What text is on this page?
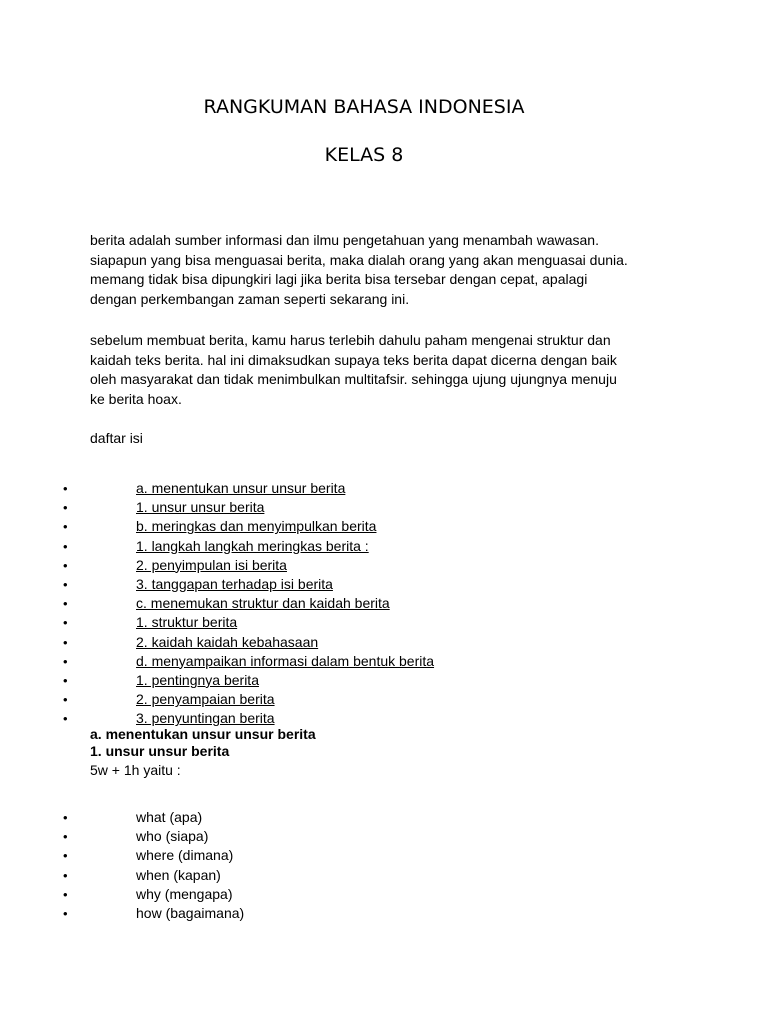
RANGKUMAN BAHASA INDONESIA
KELAS 8

berita adalah sumber informasi dan ilmu pengetahuan yang menambah wawasan.

siapapun yang bisa menguasai berita, maka dialah orang yang akan menguasai dunia.

memang tidak bisa dipungkiri lagi jika berita bisa tersebar dengan cepat, apalagi

dengan perkembangan zaman seperti sekarang ini.

sebelum membuat berita, kamu harus terlebih dahulu paham mengenai struktur dan

kaidah teks berita. hal ini dimaksudkan supaya teks berita dapat dicerna dengan baik

oleh masyarakat dan tidak menimbulkan multitafsir. sehingga ujung ujungnya menuju

ke berita hoax.

daftar isi
•	a. menentukan unsur unsur berita
•	1. unsur unsur berita
•	b. meringkas dan menyimpulkan berita
•	1. langkah langkah meringkas berita :
•	2. penyimpulan isi berita
•	3. tanggapan terhadap isi berita
•	c. menemukan struktur dan kaidah berita
•	1. struktur berita
•	2. kaidah kaidah kebahasaan
•	d. menyampaikan informasi dalam bentuk berita
•	1. pentingnya berita
•	2. penyampaian berita
•	3. penyuntingan berita
a. menentukan unsur unsur berita
1. unsur unsur berita
5w + 1h yaitu :
•	what (apa)
•	who (siapa)
•	where (dimana)
•	when (kapan)
•	why (mengapa)
•	how (bagaimana)
